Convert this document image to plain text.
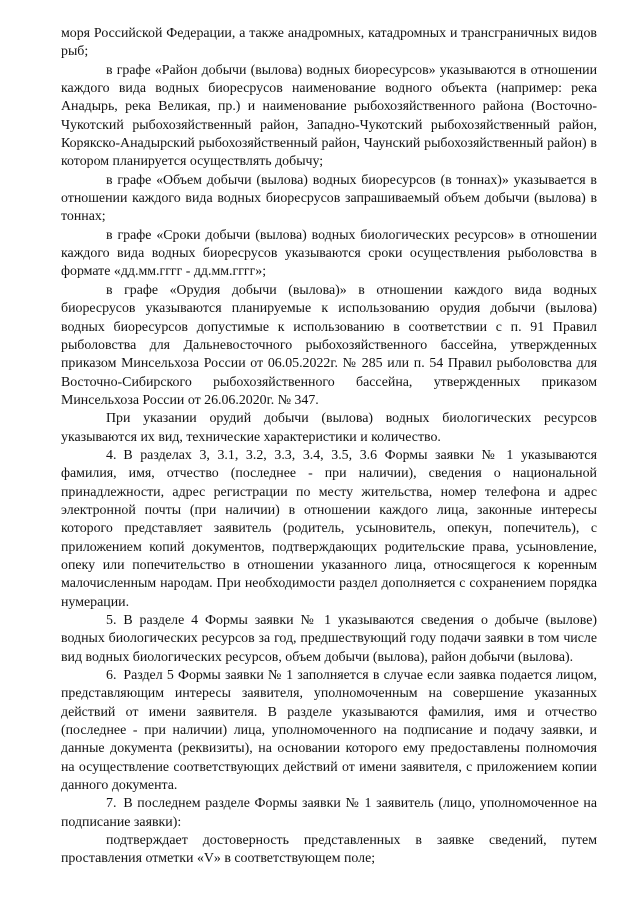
моря Российской Федерации, а также анадромных, катадромных и трансграничных видов рыб;

в графе «Район добычи (вылова) водных биоресурсов» указываются в отношении каждого вида водных биоресрусов наименование водного объекта (например: река Анадырь, река Великая, пр.) и наименование рыбохозяйственного района (Восточно-Чукотский рыбохозяйственный район, Западно-Чукотский рыбохозяйственный район, Корякско-Анадырский рыбохозяйственный район, Чаунский рыбохозяйственный район) в котором планируется осуществлять добычу;

в графе «Объем добычи (вылова) водных биоресурсов (в тоннах)» указывается в отношении каждого вида водных биоресрусов запрашиваемый объем добычи (вылова) в тоннах;

в графе «Сроки добычи (вылова) водных биологических ресурсов» в отношении каждого вида водных биоресрусов указываются сроки осуществления рыболовства в формате «дд.мм.гггг - дд.мм.гггг»;

в графе «Орудия добычи (вылова)» в отношении каждого вида водных биоресрусов указываются планируемые к использованию орудия добычи (вылова) водных биоресурсов допустимые к использованию в соответствии с п. 91 Правил рыболовства для Дальневосточного рыбохозяйственного бассейна, утвержденных приказом Минсельхоза России от 06.05.2022г. № 285 или п. 54 Правил рыболовства для Восточно-Сибирского рыбохозяйственного бассейна, утвержденных приказом Минсельхоза России от 26.06.2020г. № 347.

При указании орудий добычи (вылова) водных биологических ресурсов указываются их вид, технические характеристики и количество.

4. В разделах 3, 3.1, 3.2, 3.3, 3.4, 3.5, 3.6 Формы заявки № 1 указываются фамилия, имя, отчество (последнее - при наличии), сведения о национальной принадлежности, адрес регистрации по месту жительства, номер телефона и адрес электронной почты (при наличии) в отношении каждого лица, законные интересы которого представляет заявитель (родитель, усыновитель, опекун, попечитель), с приложением копий документов, подтверждающих родительские права, усыновление, опеку или попечительство в отношении указанного лица, относящегося к коренным малочисленным народам. При необходимости раздел дополняется с сохранением порядка нумерации.

5. В разделе 4 Формы заявки № 1 указываются сведения о добыче (вылове) водных биологических ресурсов за год, предшествующий году подачи заявки в том числе вид водных биологических ресурсов, объем добычи (вылова), район добычи (вылова).

6. Раздел 5 Формы заявки № 1 заполняется в случае если заявка подается лицом, представляющим интересы заявителя, уполномоченным на совершение указанных действий от имени заявителя. В разделе указываются фамилия, имя и отчество (последнее - при наличии) лица, уполномоченного на подписание и подачу заявки, и данные документа (реквизиты), на основании которого ему предоставлены полномочия на осуществление соответствующих действий от имени заявителя, с приложением копии данного документа.

7. В последнем разделе Формы заявки № 1 заявитель (лицо, уполномоченное на подписание заявки):

подтверждает достоверность представленных в заявке сведений, путем проставления отметки «V» в соответствующем поле;
